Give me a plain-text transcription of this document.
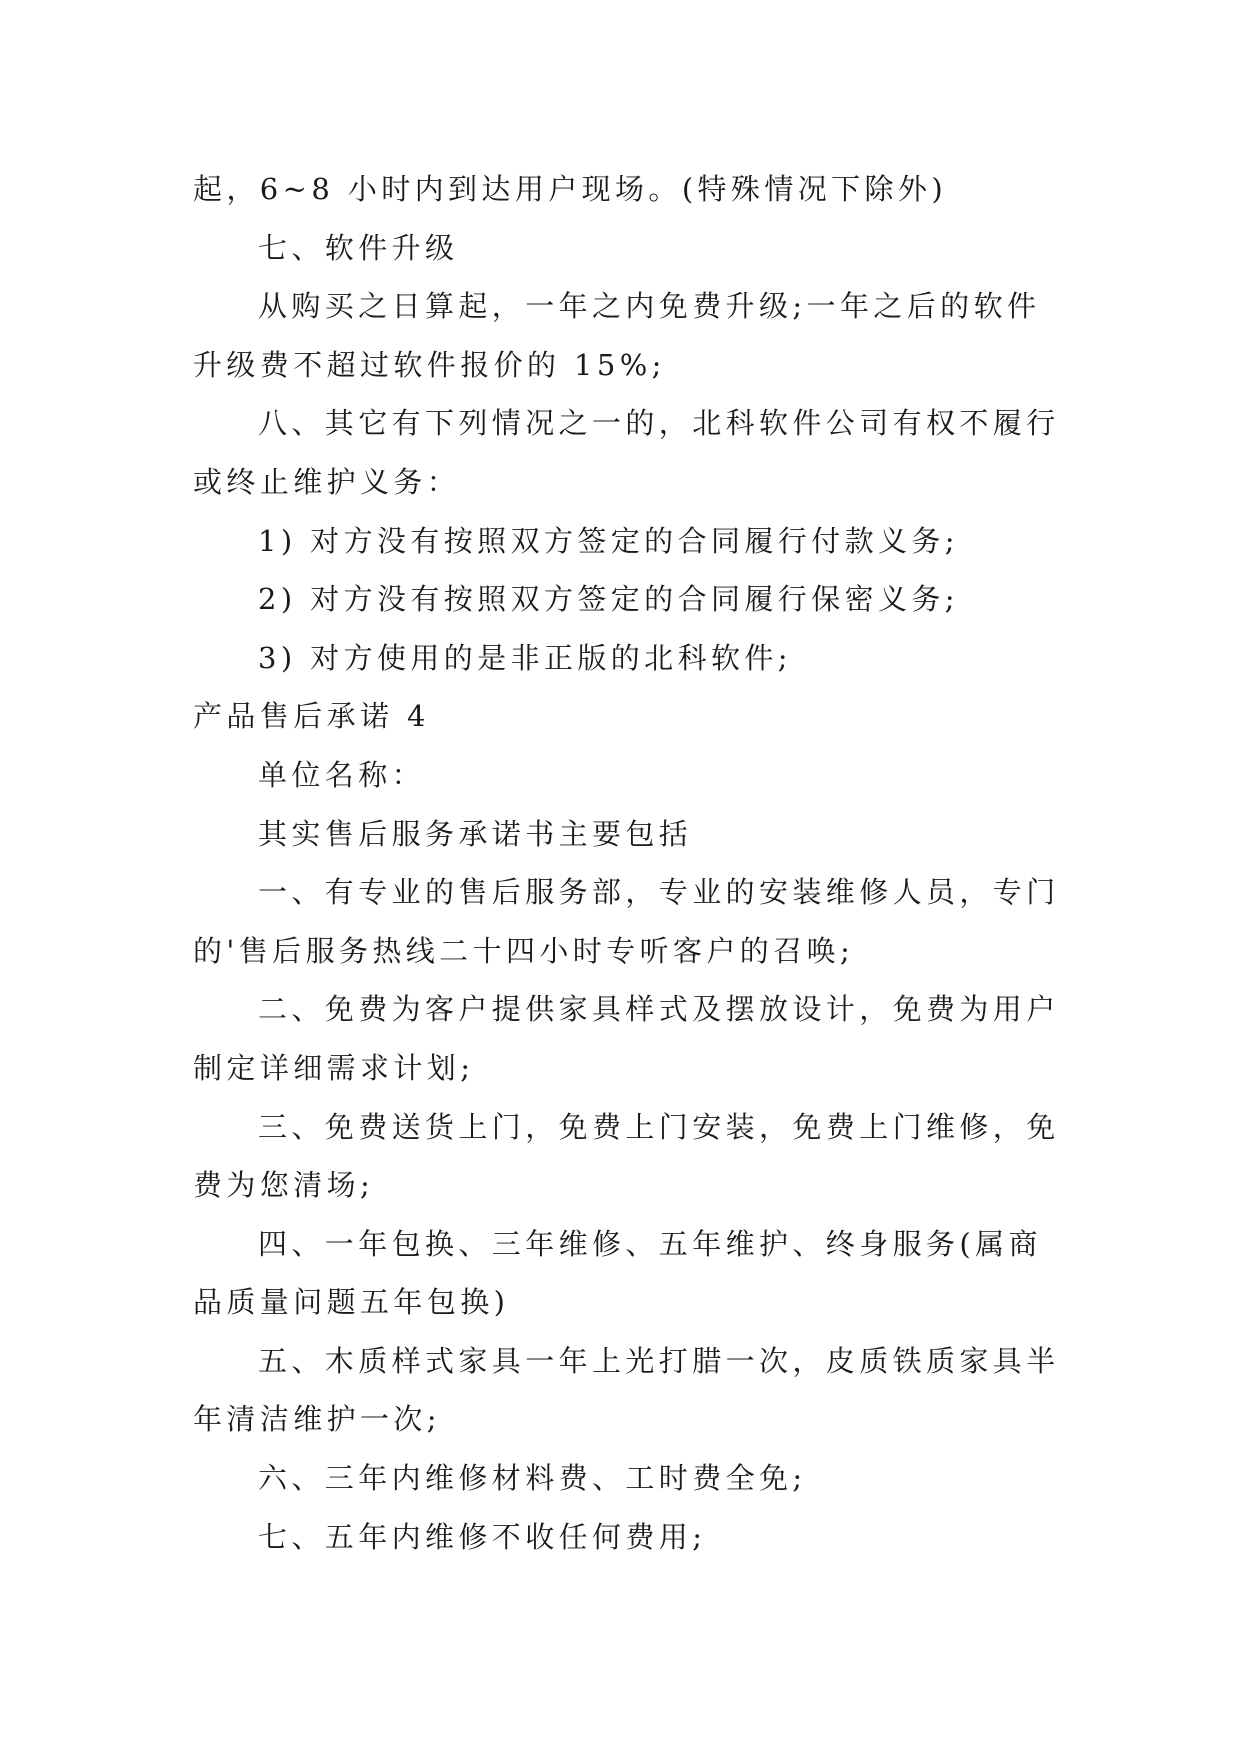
起，6~8 小时内到达用户现场。(特殊情况下除外)
七、软件升级
从购买之日算起，一年之内免费升级;一年之后的软件
升级费不超过软件报价的 15%;
八、其它有下列情况之一的，北科软件公司有权不履行
或终止维护义务：
1) 对方没有按照双方签定的合同履行付款义务;
2) 对方没有按照双方签定的合同履行保密义务;
3) 对方使用的是非正版的北科软件;
产品售后承诺 4
单位名称：
其实售后服务承诺书主要包括
一、有专业的售后服务部，专业的安装维修人员，专门
的'售后服务热线二十四小时专听客户的召唤;
二、免费为客户提供家具样式及摆放设计，免费为用户
制定详细需求计划;
三、免费送货上门，免费上门安装，免费上门维修，免
费为您清场;
四、一年包换、三年维修、五年维护、终身服务(属商
品质量问题五年包换)
五、木质样式家具一年上光打腊一次，皮质铁质家具半
年清洁维护一次;
六、三年内维修材料费、工时费全免;
七、五年内维修不收任何费用;
